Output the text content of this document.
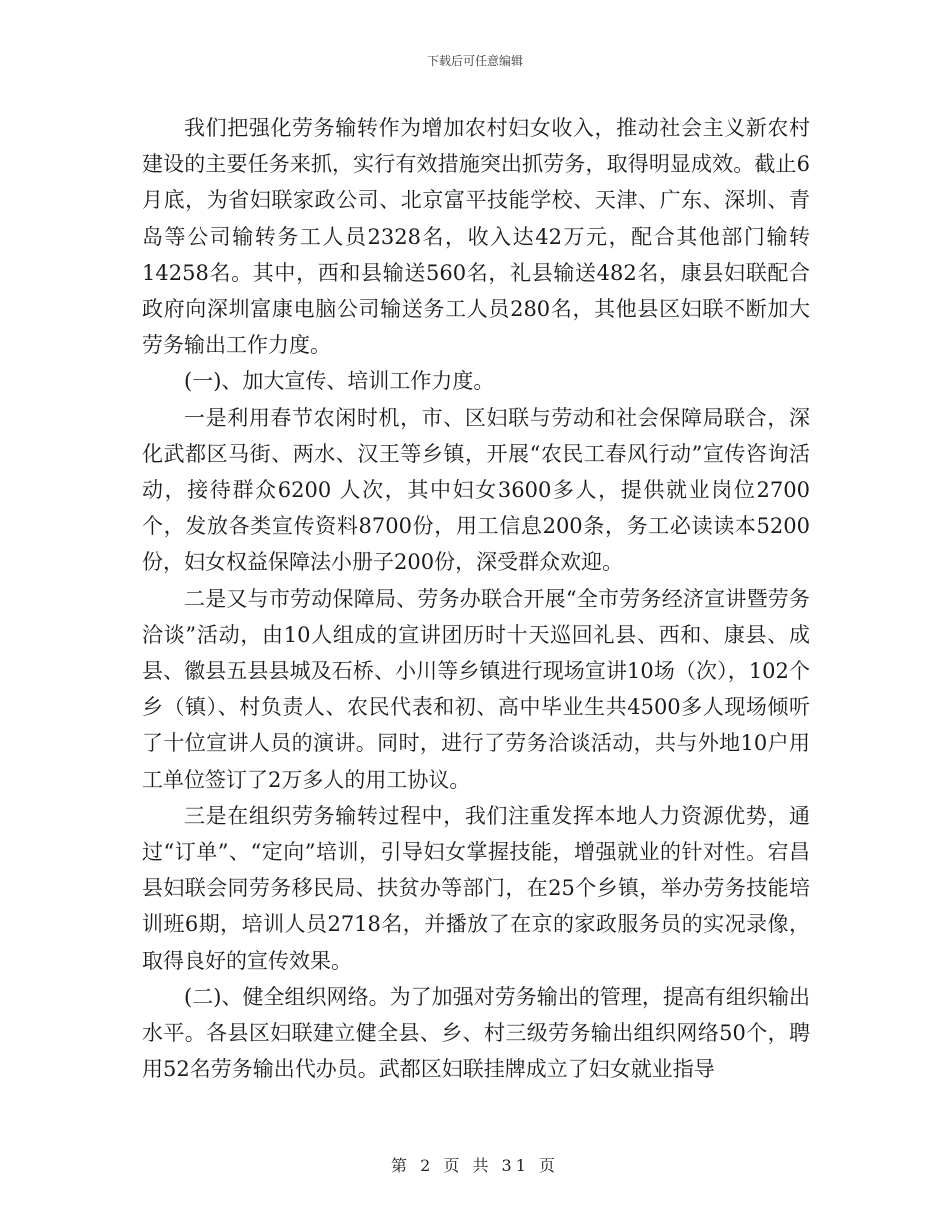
下载后可任意编辑

我们把强化劳务输转作为增加农村妇女收入，推动社会主义新农村建设的主要任务来抓，实行有效措施突出抓劳务，取得明显成效。截止6月底，为省妇联家政公司、北京富平技能学校、天津、广东、深圳、青岛等公司输转务工人员2328名，收入达42万元，配合其他部门输转14258名。其中，西和县输送560名，礼县输送482名，康县妇联配合政府向深圳富康电脑公司输送务工人员280名，其他县区妇联不断加大劳务输出工作力度。

(一)、加大宣传、培训工作力度。

一是利用春节农闲时机，市、区妇联与劳动和社会保障局联合，深化武都区马街、两水、汉王等乡镇，开展“农民工春风行动”宣传咨询活动，接待群众6200 人次，其中妇女3600多人，提供就业岗位2700个，发放各类宣传资料8700份，用工信息200条，务工必读读本5200份，妇女权益保障法小册子200份，深受群众欢迎。

二是又与市劳动保障局、劳务办联合开展“全市劳务经济宣讲暨劳务洽谈”活动，由10人组成的宣讲团历时十天巡回礼县、西和、康县、成县、徽县五县县城及石桥、小川等乡镇进行现场宣讲10场（次），102个乡（镇）、村负责人、农民代表和初、高中毕业生共4500多人现场倾听了十位宣讲人员的演讲。同时，进行了劳务洽谈活动，共与外地10户用工单位签订了2万多人的用工协议。

三是在组织劳务输转过程中，我们注重发挥本地人力资源优势，通过“订单”、“定向”培训，引导妇女掌握技能，增强就业的针对性。宕昌县妇联会同劳务移民局、扶贫办等部门，在25个乡镇，举办劳务技能培训班6期，培训人员2718名，并播放了在京的家政服务员的实况录像，取得良好的宣传效果。

(二)、健全组织网络。为了加强对劳务输出的管理，提高有组织输出水平。各县区妇联建立健全县、乡、村三级劳务输出组织网络50个，聘用52名劳务输出代办员。武都区妇联挂牌成立了妇女就业指导

第 2 页 共 31 页
